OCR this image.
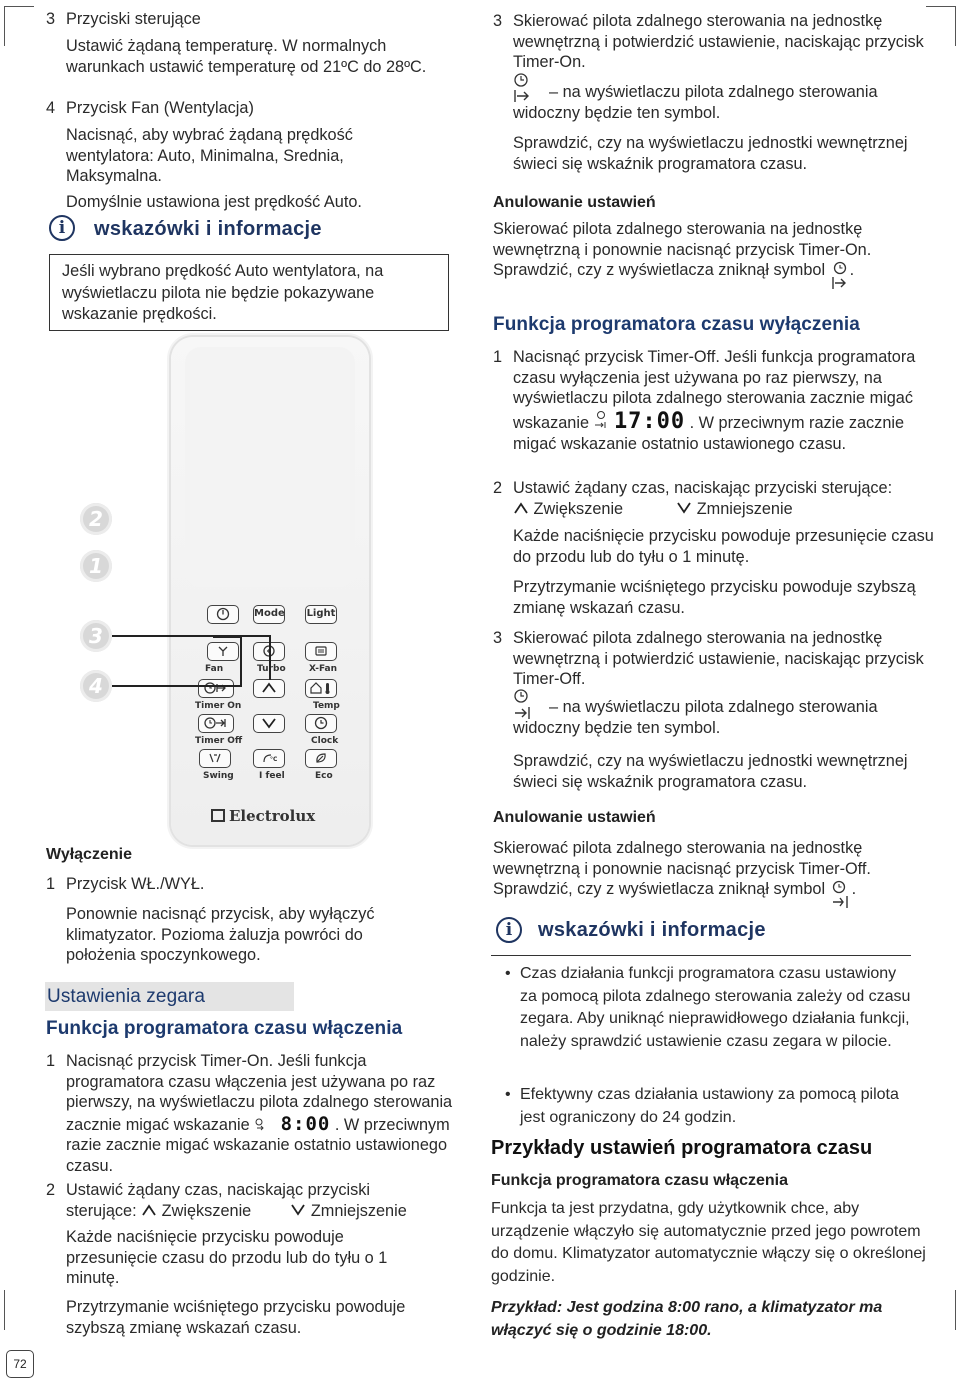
3 Przyciski sterujące

Ustawić żądaną temperaturę. W normalnych warunkach ustawić temperaturę od 21ºC do 28ºC.

4 Przycisk Fan (Wentylacja)

Nacisnąć, aby wybrać żądaną prędkość wentylatora: Auto, Minimalna, Srednia, Maksymalna.

Domyślnie ustawiona jest prędkość Auto.

i	wskazówki i informacje

Jeśli wybrano prędkość Auto wentylatora, na wyświetlaczu pilota nie będzie pokazywane wskazanie prędkości.

Mode Light
Fan	Turbo	X-Fan
Timer On	Temp
Timer Off	Clock
°C
Swing	I feel	Eco
Electrolux
2
1
3
4
Wyłączenie
1 Przycisk WŁ./WYŁ.

Ponownie nacisnąć przycisk, aby wyłączyć klimatyzator. Pozioma żaluzja powróci do położenia spoczynkowego.

Ustawienia zegara
Funkcja programatora czasu włączenia
1 Nacisnąć przycisk Timer-On. Jeśli funkcja programatora czasu włączenia jest używana po raz pierwszy, na wyświetlaczu pilota zdalnego sterowania zacznie migać wskazanie 8:00 . W przeciwnym razie zacznie migać wskazanie ostatnio ustawionego czasu.

2 Ustawić żądany czas, naciskając przyciski sterujące: Zwiększenie	Zmniejszenie

Każde naciśnięcie przycisku powoduje przesunięcie czasu do przodu lub do tyłu o 1 minutę.

Przytrzymanie wciśniętego przycisku powoduje szybszą zmianę wskazań czasu.

72
3 Skierować pilota zdalnego sterowania na jednostkę wewnętrzną i potwierdzić ustawienie, naciskając przycisk Timer-On.

– na wyświetlaczu pilota zdalnego sterowania widoczny będzie ten symbol.

Sprawdzić, czy na wyświetlaczu jednostki wewnętrznej świeci się wskaźnik programatora czasu.

Anulowanie ustawień
Skierować pilota zdalnego sterowania na jednostkę wewnętrzną i ponownie nacisnąć przycisk Timer-On. Sprawdzić, czy z wyświetlacza zniknął symbol .
Funkcja programatora czasu wyłączenia
1 Nacisnąć przycisk Timer-Off. Jeśli funkcja programatora czasu wyłączenia jest używana po raz pierwszy, na wyświetlaczu pilota zdalnego sterowania zacznie migać wskazanie 17:00 . W przeciwnym razie zacznie migać wskazanie ostatnio ustawionego czasu.

2 Ustawić żądany czas, naciskając przyciski sterujące:
Zwiększenie	Zmniejszenie

Każde naciśnięcie przycisku powoduje przesunięcie czasu do przodu lub do tyłu o 1 minutę.

Przytrzymanie wciśniętego przycisku powoduje szybszą zmianę wskazań czasu.

3 Skierować pilota zdalnego sterowania na jednostkę wewnętrzną i potwierdzić ustawienie, naciskając przycisk Timer-Off.

– na wyświetlaczu pilota zdalnego sterowania widoczny będzie ten symbol.

Sprawdzić, czy na wyświetlaczu jednostki wewnętrznej świeci się wskaźnik programatora czasu.

Anulowanie ustawień
Skierować pilota zdalnego sterowania na jednostkę wewnętrzną i ponownie nacisnąć przycisk Timer-Off. Sprawdzić, czy z wyświetlacza zniknął symbol .
i	wskazówki i informacje
• Czas działania funkcji programatora czasu ustawiony za pomocą pilota zdalnego sterowania zależy od czasu zegara. Aby uniknąć nieprawidłowego działania funkcji, należy sprawdzić ustawienie czasu zegara w pilocie.

• Efektywny czas działania ustawiony za pomocą pilota jest ograniczony do 24 godzin.

Przykłady ustawień programatora czasu
Funkcja programatora czasu włączenia

Funkcja ta jest przydatna, gdy użytkownik chce, aby urządzenie włączyło się automatycznie przed jego powrotem do domu. Klimatyzator automatycznie włączy się o określonej godzinie.

Przykład: Jest godzina 8:00 rano, a klimatyzator ma włączyć się o godzinie 18:00.
